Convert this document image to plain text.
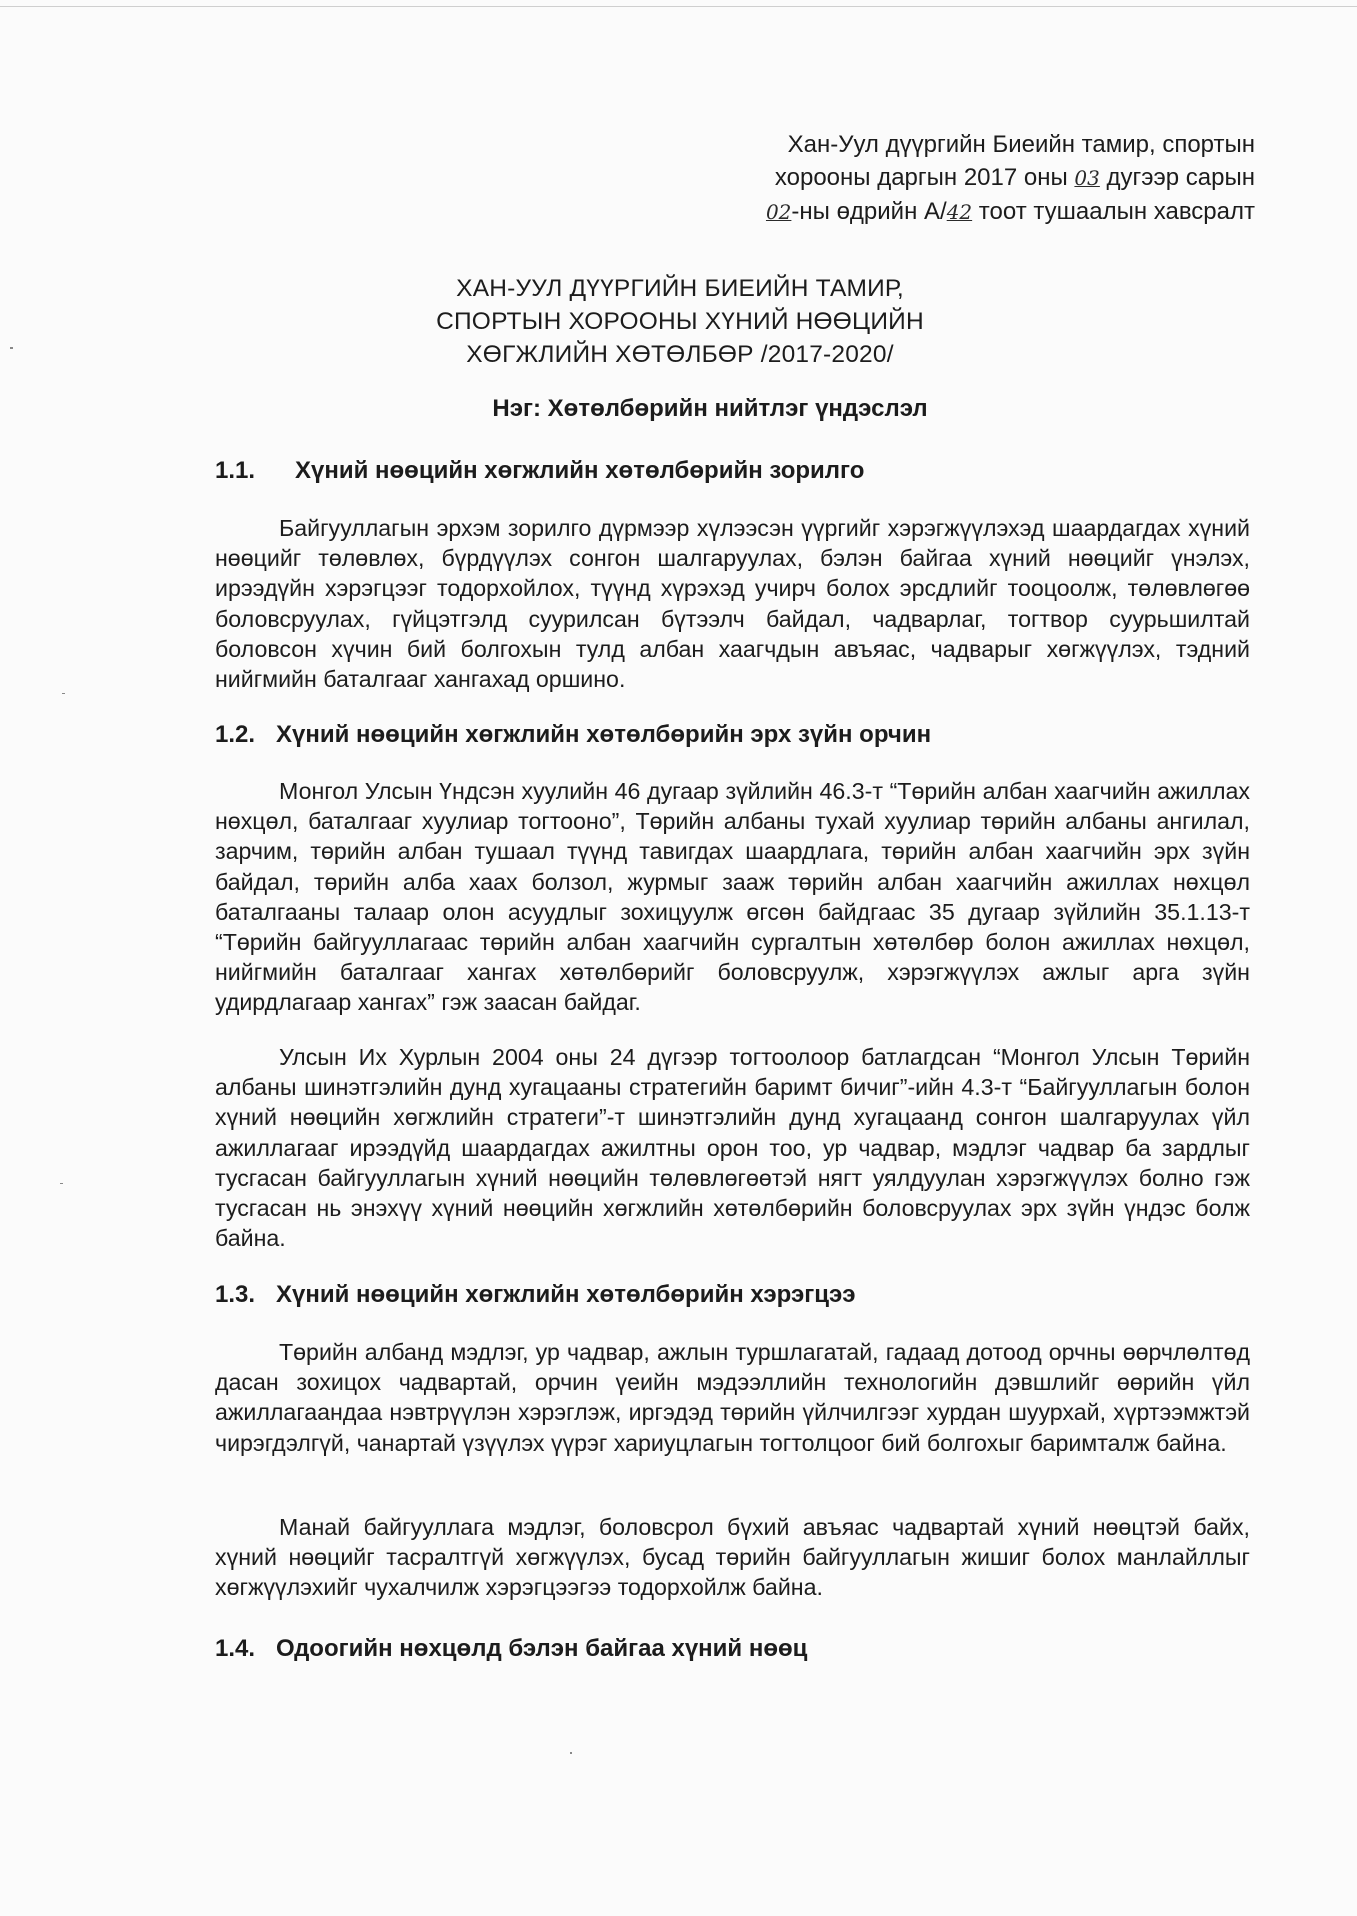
Хан-Уул дүүргийн Биеийн тамир, спортын
хорооны даргын 2017 оны 03 дугээр сарын
02-ны өдрийн А/42 тоот тушаалын хавсралт
ХАН-УУЛ ДҮҮРГИЙН БИЕИЙН ТАМИР,
СПОРТЫН ХОРООНЫ ХҮНИЙ НӨӨЦИЙН
ХӨГЖЛИЙН ХӨТӨЛБӨР /2017-2020/
Нэг: Хөтөлбөрийн нийтлэг үндэслэл
1.1. Хүний нөөцийн хөгжлийн хөтөлбөрийн зорилго
Байгууллагын эрхэм зорилго дүрмээр хүлээсэн үүргийг хэрэгжүүлэхэд шаардагдах хүний нөөцийг төлөвлөх, бүрдүүлэх сонгон шалгаруулах, бэлэн байгаа хүний нөөцийг үнэлэх, ирээдүйн хэрэгцээг тодорхойлох, түүнд хүрэхэд учирч болох эрсдлийг тооцоолж, төлөвлөгөө боловсруулах, гүйцэтгэлд суурилсан бүтээлч байдал, чадварлаг, тогтвор суурьшилтай боловсон хүчин бий болгохын тулд албан хаагчдын авъяас, чадварыг хөгжүүлэх, тэдний нийгмийн баталгааг хангахад оршино.
1.2. Хүний нөөцийн хөгжлийн хөтөлбөрийн эрх зүйн орчин
Монгол Улсын Үндсэн хуулийн 46 дугаар зүйлийн 46.3-т “Төрийн албан хаагчийн ажиллах нөхцөл, баталгааг хуулиар тогтооно”, Төрийн албаны тухай хуулиар төрийн албаны ангилал, зарчим, төрийн албан тушаал түүнд тавигдах шаардлага, төрийн албан хаагчийн эрх зүйн байдал, төрийн алба хаах болзол, журмыг зааж төрийн албан хаагчийн ажиллах нөхцөл баталгааны талаар олон асуудлыг зохицуулж өгсөн байдгаас 35 дугаар зүйлийн 35.1.13-т “Төрийн байгууллагаас төрийн албан хаагчийн сургалтын хөтөлбөр болон ажиллах нөхцөл, нийгмийн баталгааг хангах хөтөлбөрийг боловсруулж, хэрэгжүүлэх ажлыг арга зүйн удирдлагаар хангах” гэж заасан байдаг.
Улсын Их Хурлын 2004 оны 24 дүгээр тогтоолоор батлагдсан “Монгол Улсын Төрийн албаны шинэтгэлийн дунд хугацааны стратегийн баримт бичиг”-ийн 4.3-т “Байгууллагын болон хүний нөөцийн хөгжлийн стратеги”-т шинэтгэлийн дунд хугацаанд сонгон шалгаруулах үйл ажиллагааг ирээдүйд шаардагдах ажилтны орон тоо, ур чадвар, мэдлэг чадвар ба зардлыг тусгасан байгууллагын хүний нөөцийн төлөвлөгөөтэй нягт уялдуулан хэрэгжүүлэх болно гэж тусгасан нь энэхүү хүний нөөцийн хөгжлийн хөтөлбөрийн боловсруулах эрх зүйн үндэс болж байна.
1.3. Хүний нөөцийн хөгжлийн хөтөлбөрийн хэрэгцээ
Төрийн албанд мэдлэг, ур чадвар, ажлын туршлагатай, гадаад дотоод орчны өөрчлөлтөд дасан зохицох чадвартай, орчин үеийн мэдээллийн технологийн дэвшлийг өөрийн үйл ажиллагаандаа нэвтрүүлэн хэрэглэж, иргэдэд төрийн үйлчилгээг хурдан шуурхай, хүртээмжтэй чирэгдэлгүй, чанартай үзүүлэх үүрэг хариуцлагын тогтолцоог бий болгохыг баримталж байна.
Манай байгууллага мэдлэг, боловсрол бүхий авъяас чадвартай хүний нөөцтэй байх, хүний нөөцийг тасралтгүй хөгжүүлэх, бусад төрийн байгууллагын жишиг болох манлайллыг хөгжүүлэхийг чухалчилж хэрэгцээгээ тодорхойлж байна.
1.4. Одоогийн нөхцөлд бэлэн байгаа хүний нөөц
